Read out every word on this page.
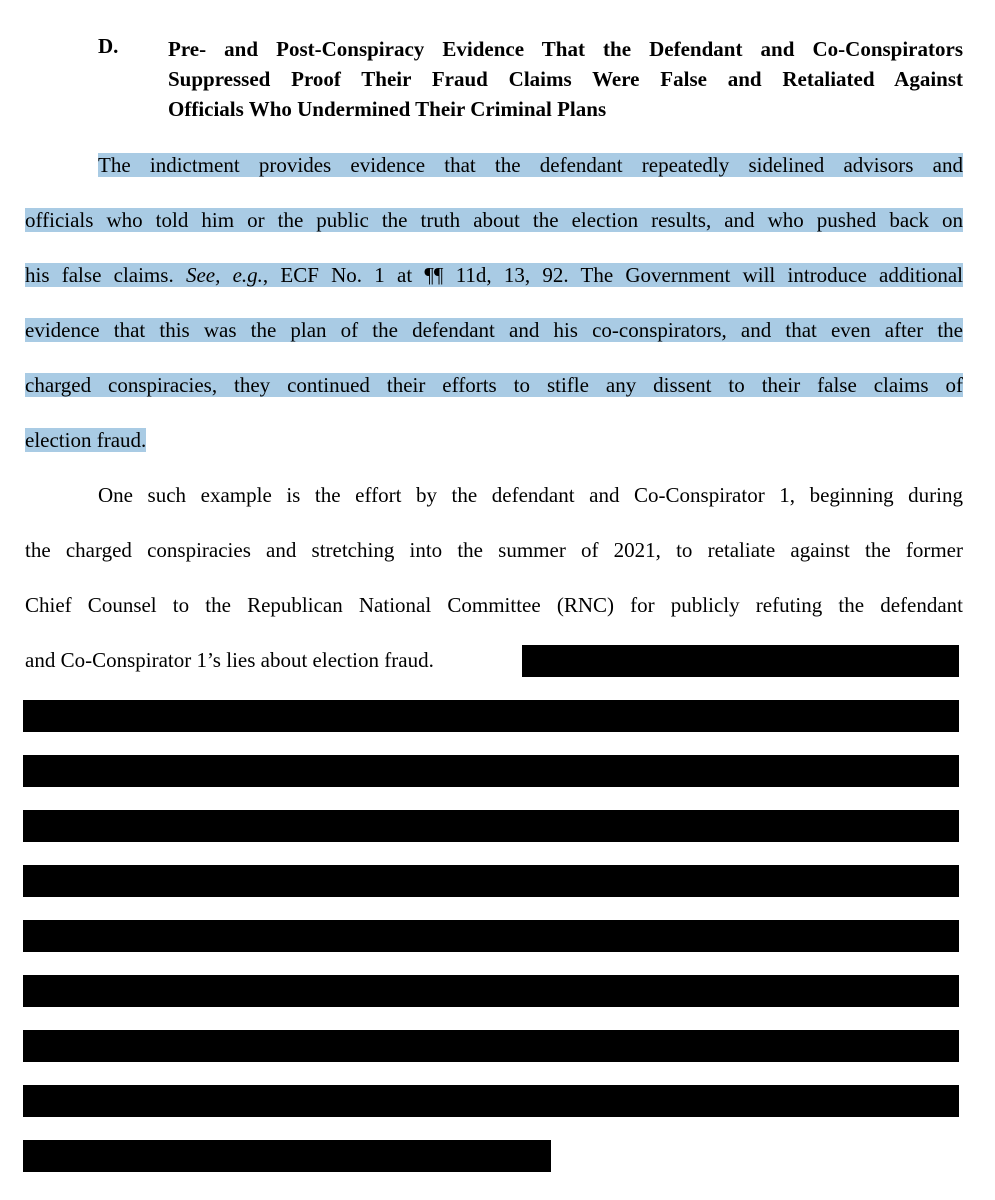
D. Pre- and Post-Conspiracy Evidence That the Defendant and Co-Conspirators
Suppressed Proof Their Fraud Claims Were False and Retaliated Against
Officials Who Undermined Their Criminal Plans
The indictment provides evidence that the defendant repeatedly sidelined advisors and
officials who told him or the public the truth about the election results, and who pushed back on
his false claims. See, e.g., ECF No. 1 at ¶¶ 11d, 13, 92. The Government will introduce additional
evidence that this was the plan of the defendant and his co-conspirators, and that even after the
charged conspiracies, they continued their efforts to stifle any dissent to their false claims of
election fraud.
One such example is the effort by the defendant and Co-Conspirator 1, beginning during
the charged conspiracies and stretching into the summer of 2021, to retaliate against the former
Chief Counsel to the Republican National Committee (RNC) for publicly refuting the defendant
and Co-Conspirator 1’s lies about election fraud.
